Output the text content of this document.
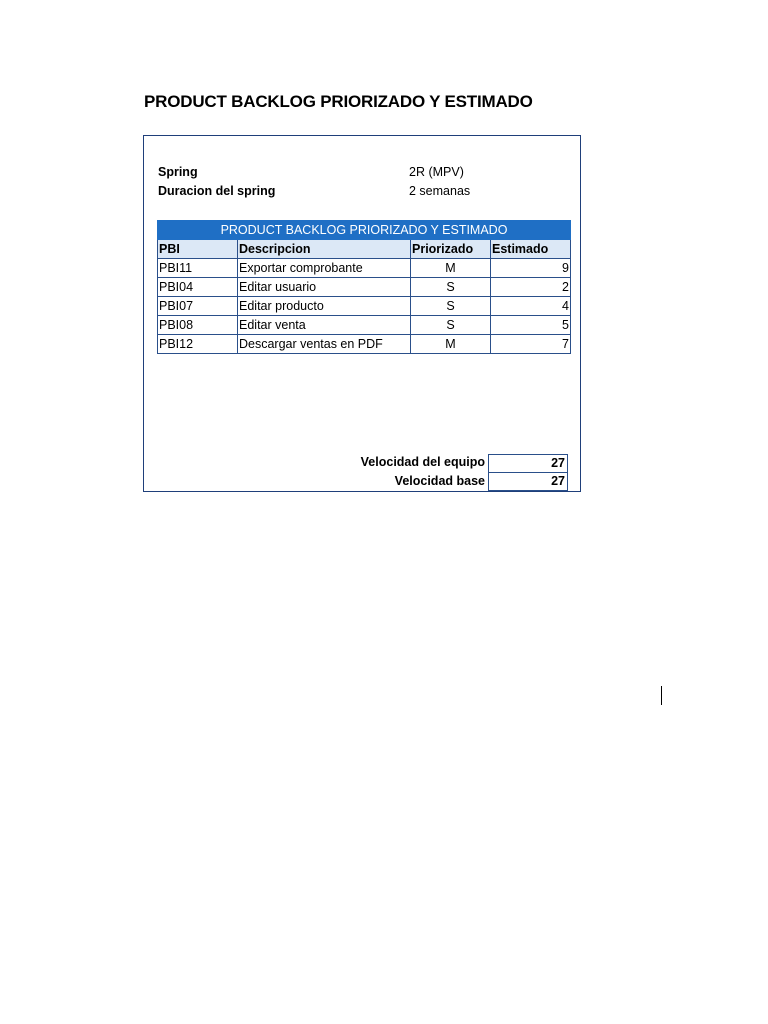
PRODUCT BACKLOG PRIORIZADO Y ESTIMADO
Spring	2R (MPV)
Duracion del spring	2 semanas
PRODUCT BACKLOG PRIORIZADO Y ESTIMADO			
PBI	Descripcion	Priorizado	Estimado
PBI11	Exportar comprobante	M	9
PBI04	Editar usuario	S	2
PBI07	Editar producto	S	4
PBI08	Editar venta	S	5
PBI12	Descargar ventas en PDF	M	7
Velocidad del equipo	27
Velocidad base	27
